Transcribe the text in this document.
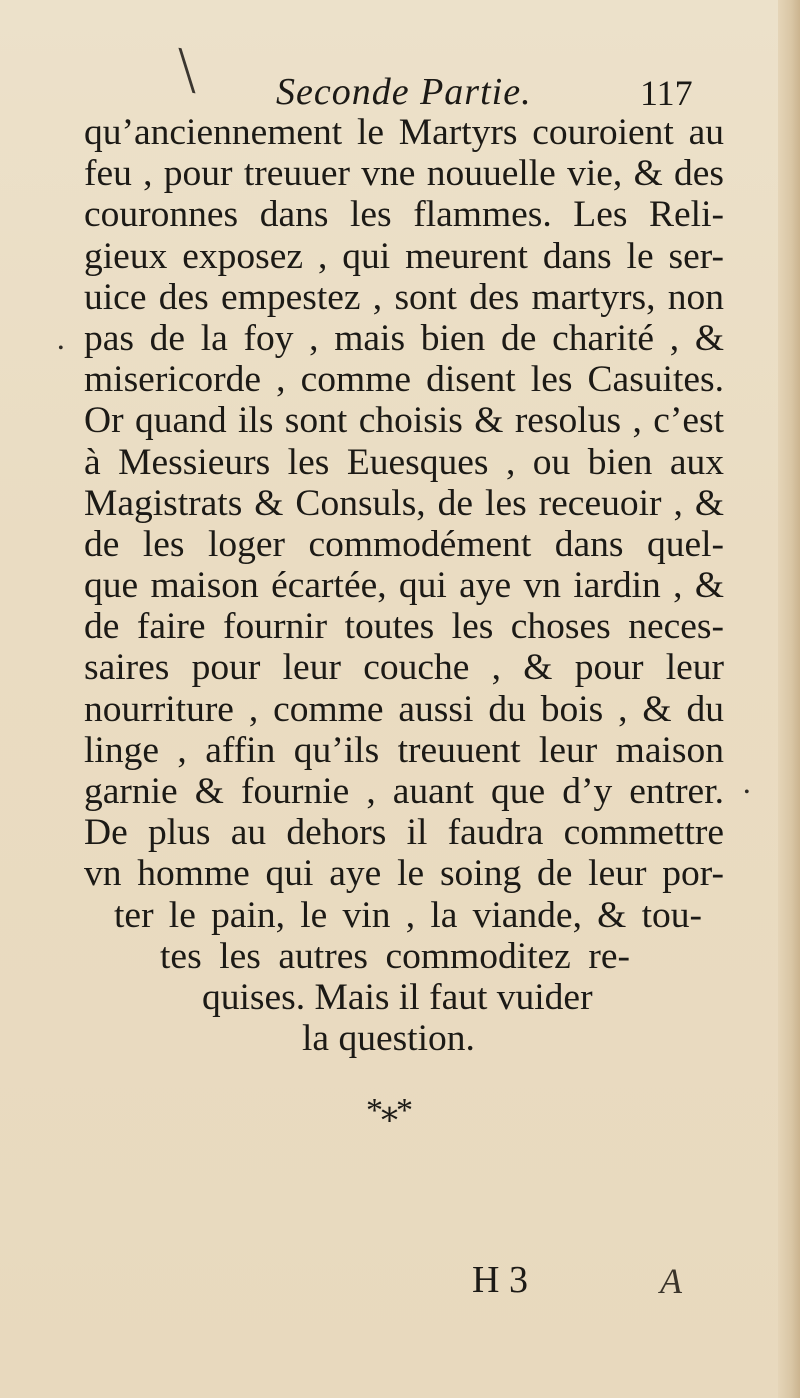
╲
•
•
Seconde Partie.	117
qu’anciennement le Martyrs couroient au
feu , pour treuuer vne nouuelle vie, & des
couronnes dans les flammes. Les Reli-
gieux exposez , qui meurent dans le ser-
uice des empestez , sont des martyrs, non
pas de la foy , mais bien de charité , &
misericorde , comme disent les Casuites.
Or quand ils sont choisis & resolus , c’est
à Messieurs les Euesques , ou bien aux
Magistrats & Consuls, de les receuoir , &
de les loger commodément dans quel-
que maison écartée, qui aye vn iardin , &
de faire fournir toutes les choses neces-
saires pour leur couche , & pour leur
nourriture , comme aussi du bois , & du
linge , affin qu’ils treuuent leur maison
garnie & fournie , auant que d’y entrer.
De plus au dehors il faudra commettre
vn homme qui aye le soing de leur por-
ter le pain, le vin , la viande, & tou-
tes les autres commoditez re-
quises. Mais il faut vuider
la question.
*⁎*
H 3	A
